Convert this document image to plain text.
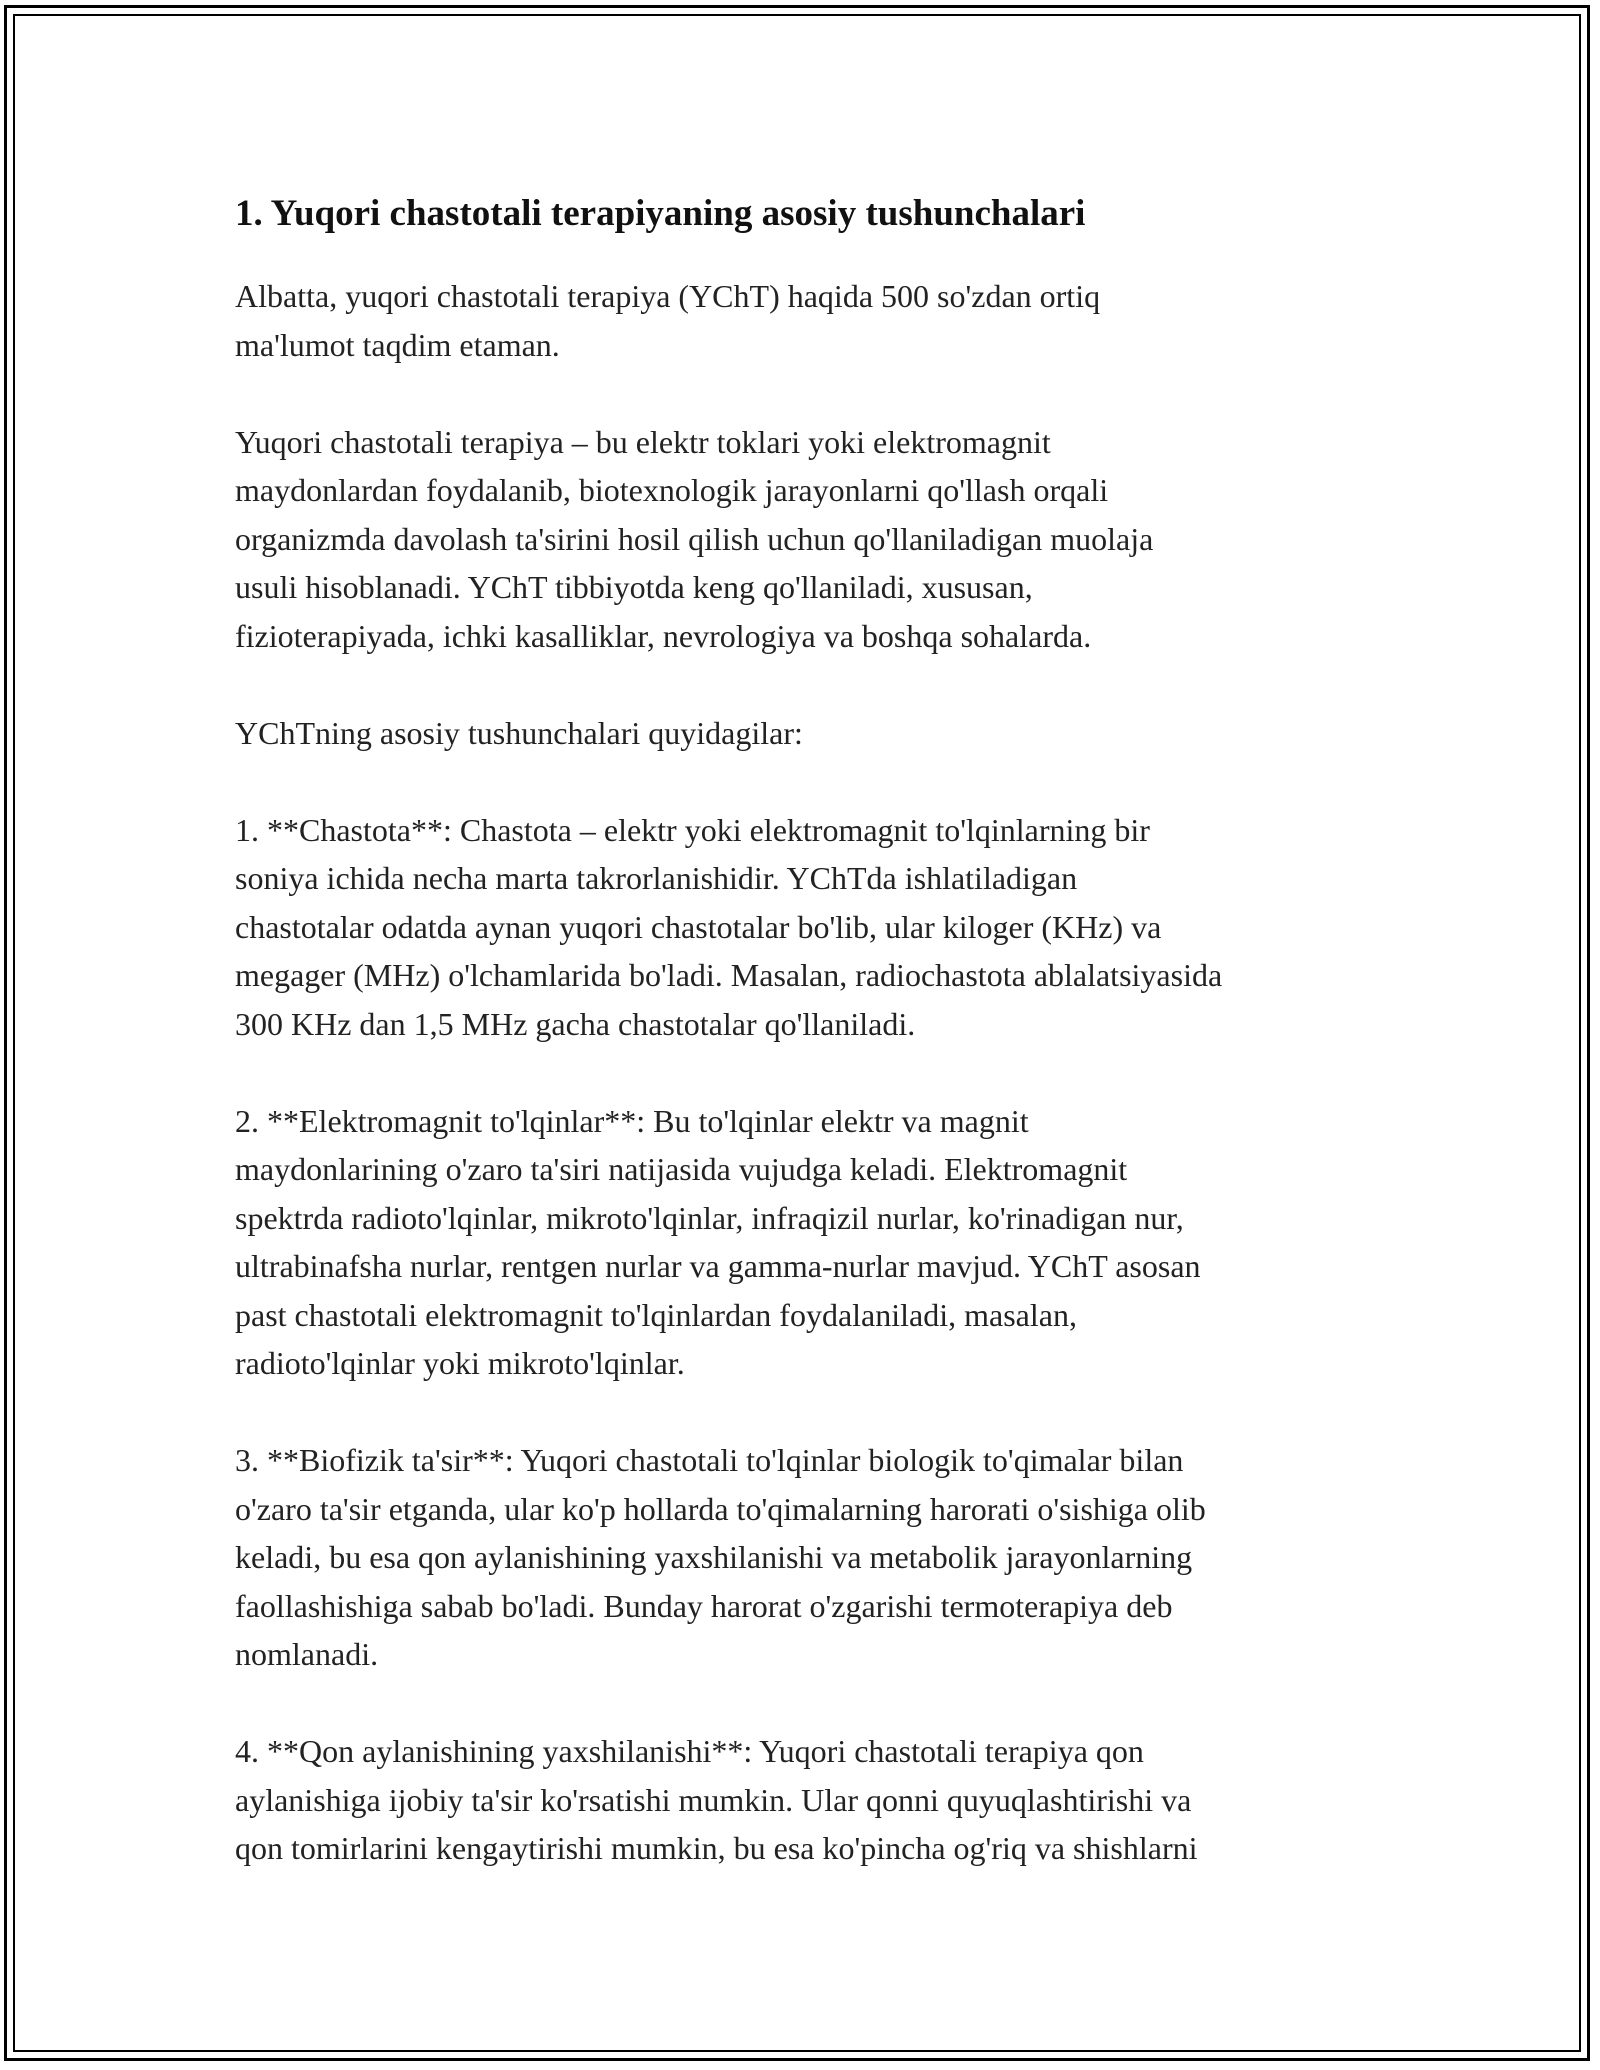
1. Yuqori chastotali terapiyaning asosiy tushunchalari

Albatta, yuqori chastotali terapiya (YChT) haqida 500 so'zdan ortiq
ma'lumot taqdim etaman.

Yuqori chastotali terapiya – bu elektr toklari yoki elektromagnit
maydonlardan foydalanib, biotexnologik jarayonlarni qo'llash orqali
organizmda davolash ta'sirini hosil qilish uchun qo'llaniladigan muolaja
usuli hisoblanadi. YChT tibbiyotda keng qo'llaniladi, xususan,
fizioterapiyada, ichki kasalliklar, nevrologiya va boshqa sohalarda.

YChTning asosiy tushunchalari quyidagilar:

1. **Chastota**: Chastota – elektr yoki elektromagnit to'lqinlarning bir
soniya ichida necha marta takrorlanishidir. YChTda ishlatiladigan
chastotalar odatda aynan yuqori chastotalar bo'lib, ular kiloger (KHz) va
megager (MHz) o'lchamlarida bo'ladi. Masalan, radiochastota ablalatsiyasida
300 KHz dan 1,5 MHz gacha chastotalar qo'llaniladi.

2. **Elektromagnit to'lqinlar**: Bu to'lqinlar elektr va magnit
maydonlarining o'zaro ta'siri natijasida vujudga keladi. Elektromagnit
spektrda radioto'lqinlar, mikroto'lqinlar, infraqizil nurlar, ko'rinadigan nur,
ultrabinafsha nurlar, rentgen nurlar va gamma-nurlar mavjud. YChT asosan
past chastotali elektromagnit to'lqinlardan foydalaniladi, masalan,
radioto'lqinlar yoki mikroto'lqinlar.

3. **Biofizik ta'sir**: Yuqori chastotali to'lqinlar biologik to'qimalar bilan
o'zaro ta'sir etganda, ular ko'p hollarda to'qimalarning harorati o'sishiga olib
keladi, bu esa qon aylanishining yaxshilanishi va metabolik jarayonlarning
faollashishiga sabab bo'ladi. Bunday harorat o'zgarishi termoterapiya deb
nomlanadi.

4. **Qon aylanishining yaxshilanishi**: Yuqori chastotali terapiya qon
aylanishiga ijobiy ta'sir ko'rsatishi mumkin. Ular qonni quyuqlashtirishi va
qon tomirlarini kengaytirishi mumkin, bu esa ko'pincha og'riq va shishlarni
